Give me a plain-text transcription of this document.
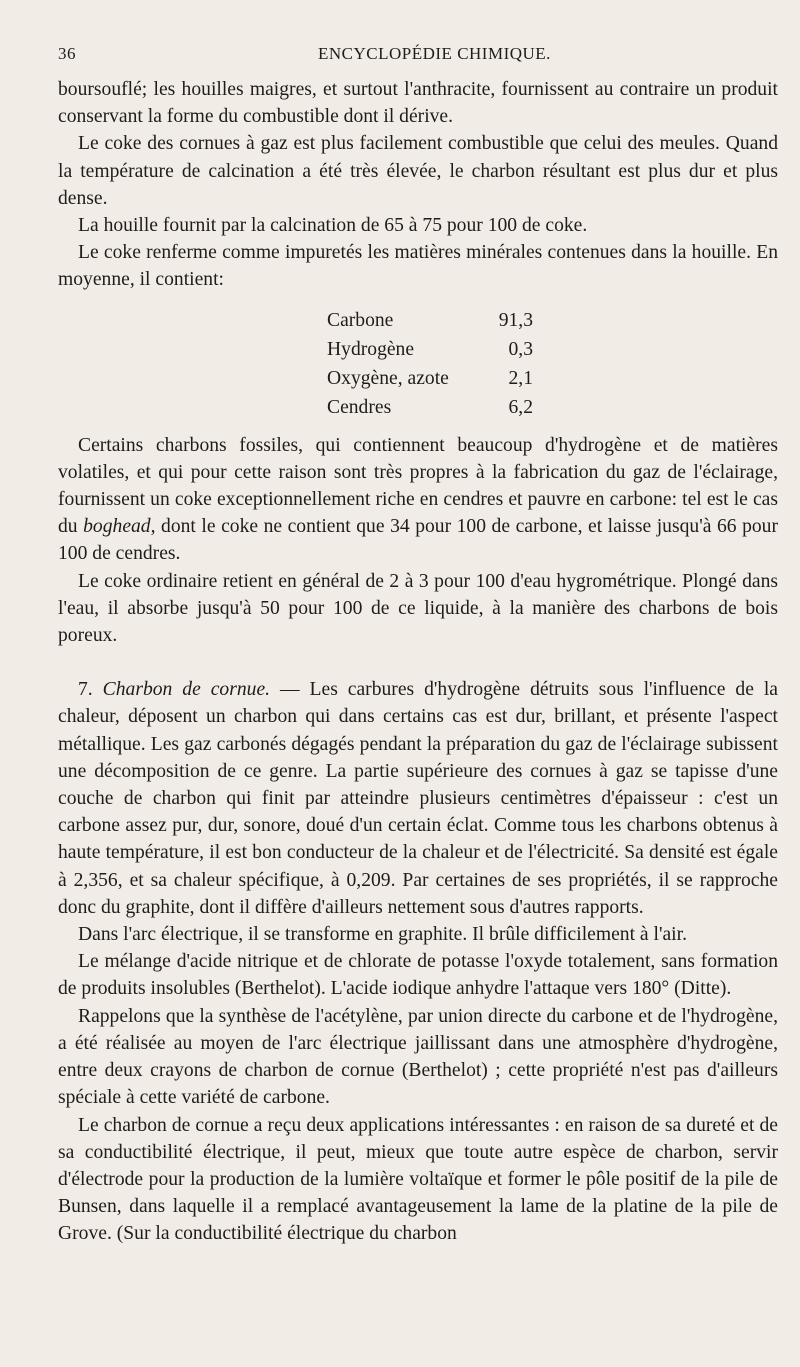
36	ENCYCLOPÉDIE CHIMIQUE.

boursouflé; les houilles maigres, et surtout l'anthracite, fournissent au contraire un produit conservant la forme du combustible dont il dérive.

Le coke des cornues à gaz est plus facilement combustible que celui des meules. Quand la température de calcination a été très élevée, le charbon résultant est plus dur et plus dense.

La houille fournit par la calcination de 65 à 75 pour 100 de coke.

Le coke renferme comme impuretés les matières minérales contenues dans la houille. En moyenne, il contient:

Carbone	91,3
Hydrogène	0,3
Oxygène, azote	2,1
Cendres	6,2

Certains charbons fossiles, qui contiennent beaucoup d'hydrogène et de matières volatiles, et qui pour cette raison sont très propres à la fabrication du gaz de l'éclairage, fournissent un coke exceptionnellement riche en cendres et pauvre en carbone: tel est le cas du boghead, dont le coke ne contient que 34 pour 100 de carbone, et laisse jusqu'à 66 pour 100 de cendres.

Le coke ordinaire retient en général de 2 à 3 pour 100 d'eau hygrométrique. Plongé dans l'eau, il absorbe jusqu'à 50 pour 100 de ce liquide, à la manière des charbons de bois poreux.

7. Charbon de cornue. — Les carbures d'hydrogène détruits sous l'influence de la chaleur, déposent un charbon qui dans certains cas est dur, brillant, et présente l'aspect métallique. Les gaz carbonés dégagés pendant la préparation du gaz de l'éclairage subissent une décomposition de ce genre. La partie supérieure des cornues à gaz se tapisse d'une couche de charbon qui finit par atteindre plusieurs centimètres d'épaisseur : c'est un carbone assez pur, dur, sonore, doué d'un certain éclat. Comme tous les charbons obtenus à haute température, il est bon conducteur de la chaleur et de l'électricité. Sa densité est égale à 2,356, et sa chaleur spécifique, à 0,209. Par certaines de ses propriétés, il se rapproche donc du graphite, dont il diffère d'ailleurs nettement sous d'autres rapports.

Dans l'arc électrique, il se transforme en graphite. Il brûle difficilement à l'air.

Le mélange d'acide nitrique et de chlorate de potasse l'oxyde totalement, sans formation de produits insolubles (Berthelot). L'acide iodique anhydre l'attaque vers 180° (Ditte).

Rappelons que la synthèse de l'acétylène, par union directe du carbone et de l'hydrogène, a été réalisée au moyen de l'arc électrique jaillissant dans une atmosphère d'hydrogène, entre deux crayons de charbon de cornue (Berthelot) ; cette propriété n'est pas d'ailleurs spéciale à cette variété de carbone.

Le charbon de cornue a reçu deux applications intéressantes : en raison de sa dureté et de sa conductibilité électrique, il peut, mieux que toute autre espèce de charbon, servir d'électrode pour la production de la lumière voltaïque et former le pôle positif de la pile de Bunsen, dans laquelle il a remplacé avantageusement la lame de la platine de la pile de Grove. (Sur la conductibilité électrique du charbon
